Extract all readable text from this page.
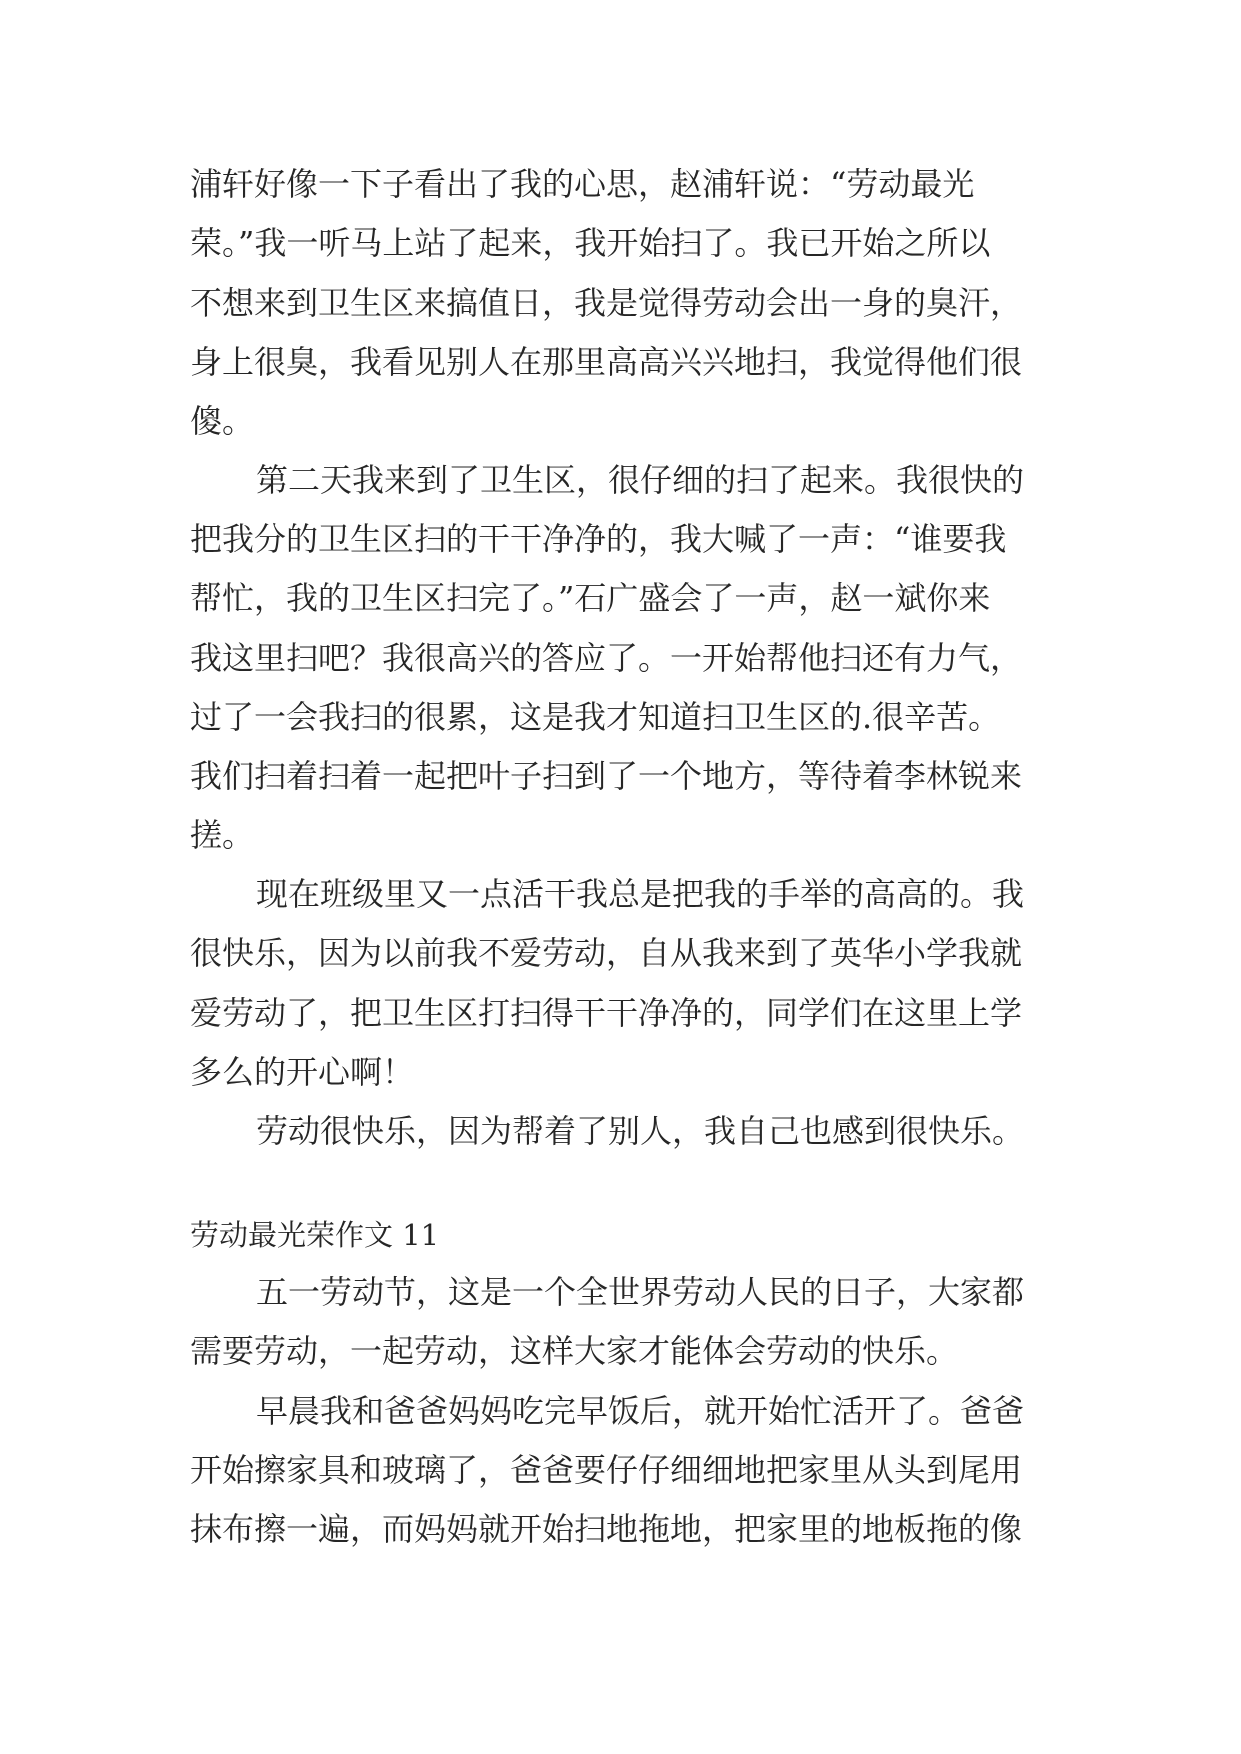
浦轩好像一下子看出了我的心思，赵浦轩说：“劳动最光
荣。”我一听马上站了起来，我开始扫了。我已开始之所以
不想来到卫生区来搞值日，我是觉得劳动会出一身的臭汗，
身上很臭，我看见别人在那里高高兴兴地扫，我觉得他们很
傻。
第二天我来到了卫生区，很仔细的扫了起来。我很快的
把我分的卫生区扫的干干净净的，我大喊了一声：“谁要我
帮忙，我的卫生区扫完了。”石广盛会了一声，赵一斌你来
我这里扫吧？我很高兴的答应了。一开始帮他扫还有力气，
过了一会我扫的很累，这是我才知道扫卫生区的.很辛苦。
我们扫着扫着一起把叶子扫到了一个地方，等待着李林锐来
搓。
现在班级里又一点活干我总是把我的手举的高高的。我
很快乐，因为以前我不爱劳动，自从我来到了英华小学我就
爱劳动了，把卫生区打扫得干干净净的，同学们在这里上学
多么的开心啊！
劳动很快乐，因为帮着了别人，我自己也感到很快乐。
劳动最光荣作文 11
五一劳动节，这是一个全世界劳动人民的日子，大家都
需要劳动，一起劳动，这样大家才能体会劳动的快乐。
早晨我和爸爸妈妈吃完早饭后，就开始忙活开了。爸爸
开始擦家具和玻璃了，爸爸要仔仔细细地把家里从头到尾用
抹布擦一遍，而妈妈就开始扫地拖地，把家里的地板拖的像
